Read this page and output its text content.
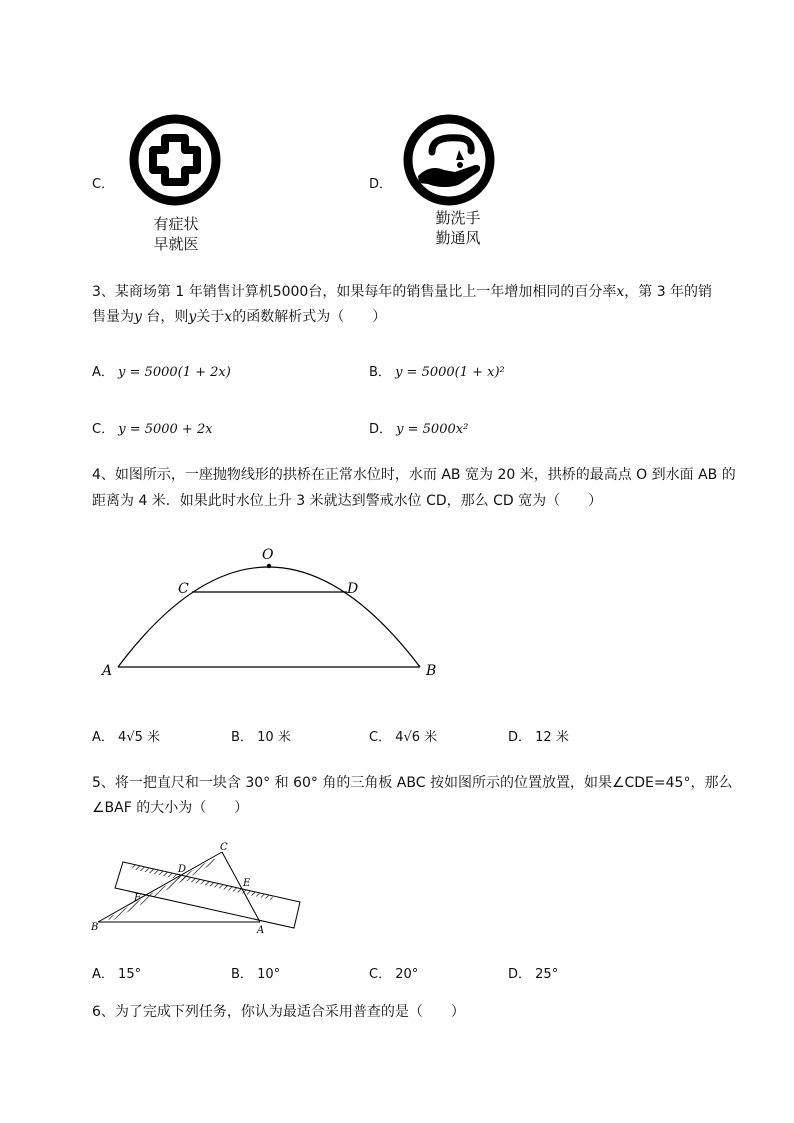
C．
有症状
早就医
D．
勤洗手
勤通风
3、某商场第 1 年销售计算机5000台，如果每年的销售量比上一年增加相同的百分率x，第 3 年的销
售量为y 台，则y关于x的函数解析式为（　　）
A． y = 5000(1 + 2x)	B． y = 5000(1 + x)²
C． y = 5000 + 2x	D． y = 5000x²
4、如图所示，一座抛物线形的拱桥在正常水位时，水而 AB 宽为 20 米，拱桥的最高点 O 到水面 AB 的
距离为 4 米．如果此时水位上升 3 米就达到警戒水位 CD，那么 CD 宽为（　　）
O
C	D
A	B
A． 4√5 米	B． 10 米	C． 4√6 米	D． 12 米
5、将一把直尺和一块含 30° 和 60° 角的三角板 ABC 按如图所示的位置放置，如果∠CDE=45°，那么
∠BAF 的大小为（　　）
C
D
E
F
B	A
A． 15°	B． 10°	C． 20°	D． 25°
6、为了完成下列任务，你认为最适合采用普查的是（　　）
